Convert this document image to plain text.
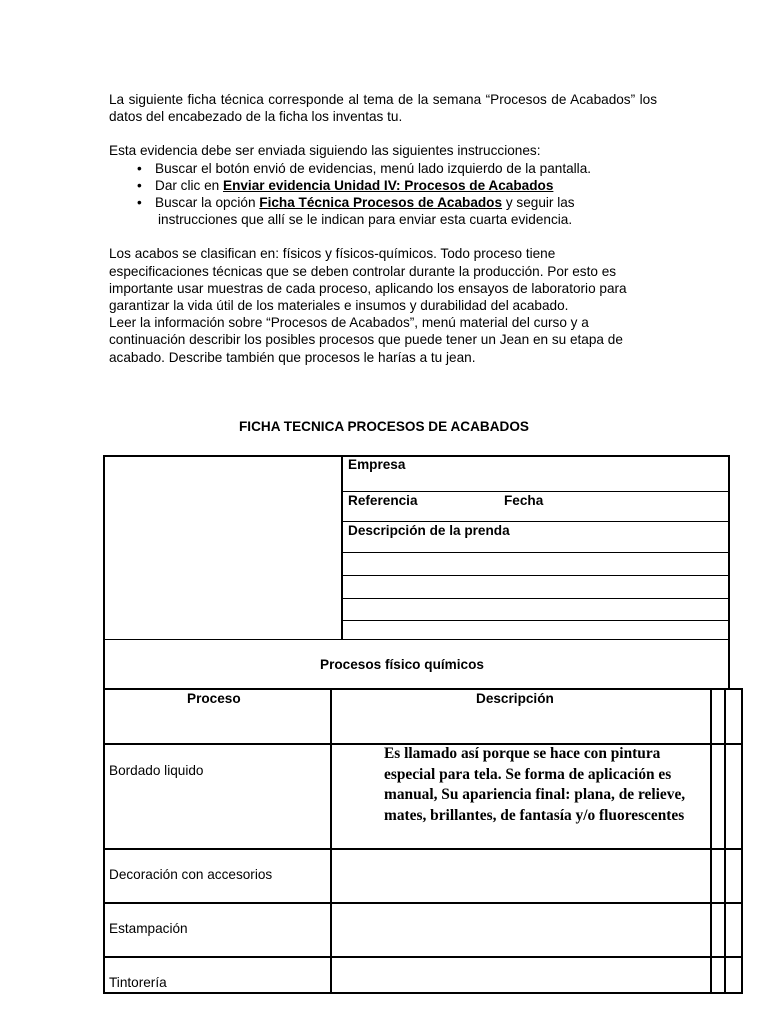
La siguiente ficha técnica corresponde al tema de la semana “Procesos de Acabados” los datos del encabezado de la ficha los inventas tu.

Esta evidencia debe ser enviada siguiendo las siguientes instrucciones:

• Buscar el botón envió de evidencias, menú lado izquierdo de la pantalla.
• Dar clic en Enviar evidencia Unidad IV: Procesos de Acabados
• Buscar la opción Ficha Técnica Procesos de Acabados y seguir las
instrucciones que allí se le indican para enviar esta cuarta evidencia.

Los acabos se clasifican en: físicos y físicos-químicos. Todo proceso tiene especificaciones técnicas que se deben controlar durante la producción. Por esto es importante usar muestras de cada proceso, aplicando los ensayos de laboratorio para garantizar la vida útil de los materiales e insumos y durabilidad del acabado.

Leer la información sobre “Procesos de Acabados”, menú material del curso y a continuación describir los posibles procesos que puede tener un Jean en su etapa de acabado. Describe también que procesos le harías a tu jean.

FICHA TECNICA PROCESOS DE ACABADOS
Empresa
Referencia	Fecha
Descripción de la prenda
Procesos físico químicos
Proceso	Descripción
Bordado liquido
Es llamado así porque se hace con pintura especial para tela. Se forma de aplicación es manual, Su apariencia final: plana, de relieve, mates, brillantes, de fantasía y/o fluorescentes
Decoración con accesorios
Estampación
Tintorería
